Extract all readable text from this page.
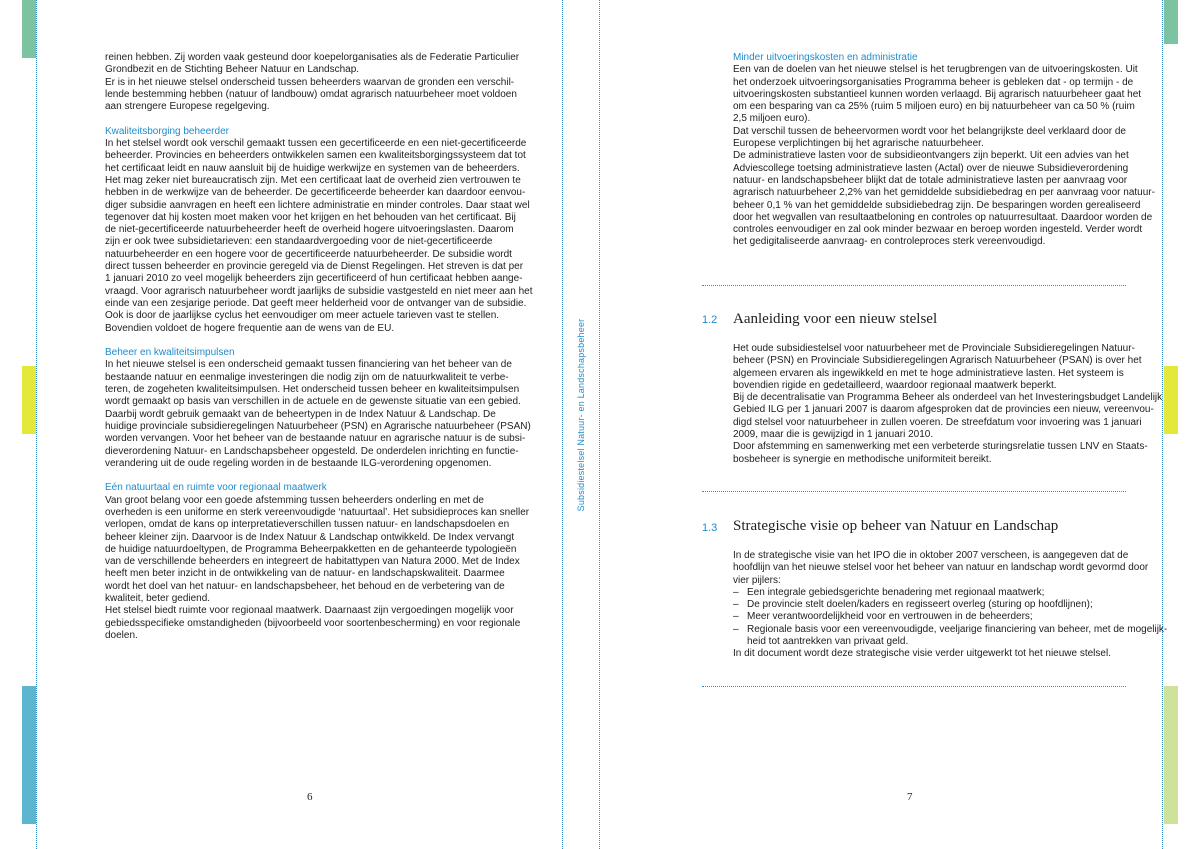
reinen hebben. Zij worden vaak gesteund door koepelorganisaties als de Federatie Particulier

Grondbezit en de Stichting Beheer Natuur en Landschap.

Er is in het nieuwe stelsel onderscheid tussen beheerders waarvan de gronden een verschil-

lende bestemming hebben (natuur of landbouw) omdat agrarisch natuurbeheer moet voldoen

aan strengere Europese regelgeving.

Kwaliteitsborging beheerder

In het stelsel wordt ook verschil gemaakt tussen een gecertificeerde en een niet-gecertificeerde

beheerder. Provincies en beheerders ontwikkelen samen een kwaliteitsborgingssysteem dat tot

het certificaat leidt en nauw aansluit bij de huidige werkwijze en systemen van de beheerders.

Het mag zeker niet bureaucratisch zijn. Met een certificaat laat de overheid zien vertrouwen te

hebben in de werkwijze van de beheerder. De gecertificeerde beheerder kan daardoor eenvou-

diger subsidie aanvragen en heeft een lichtere administratie en minder controles. Daar staat wel

tegenover dat hij kosten moet maken voor het krijgen en het behouden van het certificaat. Bij

de niet-gecertificeerde natuurbeheerder heeft de overheid hogere uitvoeringslasten. Daarom

zijn er ook twee subsidietarieven: een standaardvergoeding voor de niet-gecertificeerde

natuurbeheerder en een hogere voor de gecertificeerde natuurbeheerder. De subsidie wordt

direct tussen beheerder en provincie geregeld via de Dienst Regelingen. Het streven is dat per

1 januari 2010 zo veel mogelijk beheerders zijn gecertificeerd of hun certificaat hebben aange-

vraagd. Voor agrarisch natuurbeheer wordt jaarlijks de subsidie vastgesteld en niet meer aan het

einde van een zesjarige periode. Dat geeft meer helderheid voor de ontvanger van de subsidie.

Ook is door de jaarlijkse cyclus het eenvoudiger om meer actuele tarieven vast te stellen.

Bovendien voldoet de hogere frequentie aan de wens van de EU.

Beheer en kwaliteitsimpulsen

In het nieuwe stelsel is een onderscheid gemaakt tussen financiering van het beheer van de

bestaande natuur en eenmalige investeringen die nodig zijn om de natuurkwaliteit te verbe-

teren, de zogeheten kwaliteitsimpulsen. Het onderscheid tussen beheer en kwaliteitsimpulsen

wordt gemaakt op basis van verschillen in de actuele en de gewenste situatie van een gebied.

Daarbij wordt gebruik gemaakt van de beheertypen in de Index Natuur & Landschap. De

huidige provinciale subsidieregelingen Natuurbeheer (PSN) en Agrarische natuurbeheer (PSAN)

worden vervangen. Voor het beheer van de bestaande natuur en agrarische natuur is de subsi-

dieverordening Natuur- en Landschapsbeheer opgesteld. De onderdelen inrichting en functie-

verandering uit de oude regeling worden in de bestaande ILG-verordening opgenomen.

Eén natuurtaal en ruimte voor regionaal maatwerk

Van groot belang voor een goede afstemming tussen beheerders onderling en met de

overheden is een uniforme en sterk vereenvoudigde ‘natuurtaal’. Het subsidieproces kan sneller

verlopen, omdat de kans op interpretatieverschillen tussen natuur- en landschapsdoelen en

beheer kleiner zijn. Daarvoor is de Index Natuur & Landschap ontwikkeld. De Index vervangt

de huidige natuurdoeltypen, de Programma Beheerpakketten en de gehanteerde typologieën

van de verschillende beheerders en integreert de habitattypen van Natura 2000. Met de Index

heeft men beter inzicht in de ontwikkeling van de natuur- en landschapskwaliteit. Daarmee

wordt het doel van het natuur- en landschapsbeheer, het behoud en de verbetering van de

kwaliteit, beter gediend.

Het stelsel biedt ruimte voor regionaal maatwerk. Daarnaast zijn vergoedingen mogelijk voor

gebiedsspecifieke omstandigheden (bijvoorbeeld voor soortenbescherming) en voor regionale

doelen.

6
Subsidiestelsel Natuur- en Landschapsbeheer

Minder uitvoeringskosten en administratie

Een van de doelen van het nieuwe stelsel is het terugbrengen van de uitvoeringskosten. Uit

het onderzoek uitvoeringsorganisaties Programma beheer is gebleken dat - op termijn - de

uitvoeringskosten substantieel kunnen worden verlaagd. Bij agrarisch natuurbeheer gaat het

om een besparing van ca 25% (ruim 5 miljoen euro) en bij natuurbeheer van ca 50 % (ruim

2,5 miljoen euro).

Dat verschil tussen de beheervormen wordt voor het belangrijkste deel verklaard door de

Europese verplichtingen bij het agrarische natuurbeheer.

De administratieve lasten voor de subsidieontvangers zijn beperkt. Uit een advies van het

Adviescollege toetsing administratieve lasten (Actal) over de nieuwe Subsidieverordening

natuur- en landschapsbeheer blijkt dat de totale administratieve lasten per aanvraag voor

agrarisch natuurbeheer 2,2% van het gemiddelde subsidiebedrag en per aanvraag voor natuur-

beheer 0,1 % van het gemiddelde subsidiebedrag zijn. De besparingen worden gerealiseerd

door het wegvallen van resultaatbeloning en controles op natuurresultaat. Daardoor worden de

controles eenvoudiger en zal ook minder bezwaar en beroep worden ingesteld. Verder wordt

het gedigitaliseerde aanvraag- en controleproces sterk vereenvoudigd.

1.2 Aanleiding voor een nieuw stelsel

Het oude subsidiestelsel voor natuurbeheer met de Provinciale Subsidieregelingen Natuur-

beheer (PSN) en Provinciale Subsidieregelingen Agrarisch Natuurbeheer (PSAN) is over het

algemeen ervaren als ingewikkeld en met te hoge administratieve lasten. Het systeem is

bovendien rigide en gedetailleerd, waardoor regionaal maatwerk beperkt.

Bij de decentralisatie van Programma Beheer als onderdeel van het Investeringsbudget Landelijk

Gebied ILG per 1 januari 2007 is daarom afgesproken dat de provincies een nieuw, vereenvou-

digd stelsel voor natuurbeheer in zullen voeren. De streefdatum voor invoering was 1 januari

2009, maar die is gewijzigd in 1 januari 2010.

Door afstemming en samenwerking met een verbeterde sturingsrelatie tussen LNV en Staats-

bosbeheer is synergie en methodische uniformiteit bereikt.

1.3 Strategische visie op beheer van Natuur en Landschap

In de strategische visie van het IPO die in oktober 2007 verscheen, is aangegeven dat de

hoofdlijn van het nieuwe stelsel voor het beheer van natuur en landschap wordt gevormd door

vier pijlers:

– Een integrale gebiedsgerichte benadering met regionaal maatwerk;
– De provincie stelt doelen/kaders en regisseert overleg (sturing op hoofdlijnen);
– Meer verantwoordelijkheid voor en vertrouwen in de beheerders;
– Regionale basis voor een vereenvoudigde, veeljarige financiering van beheer, met de mogelijk-

heid tot aantrekken van privaat geld.

In dit document wordt deze strategische visie verder uitgewerkt tot het nieuwe stelsel.

7
